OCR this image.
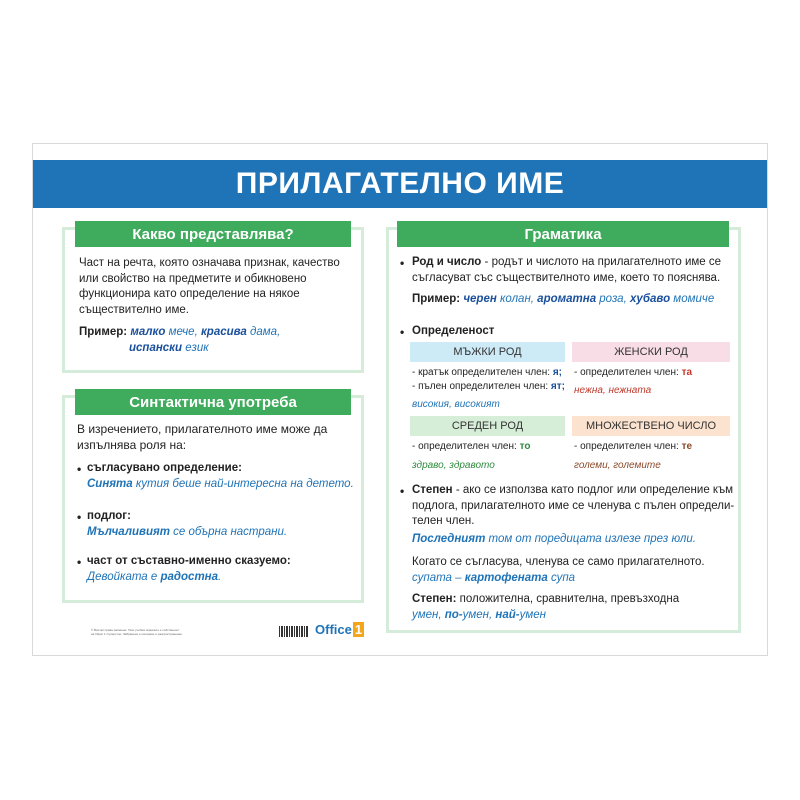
ПРИЛАГАТЕЛНО ИМЕ
Какво представлява?
Част на речта, която означава признак, качество
или свойство на предметите и обикновено
функционира като определение на някое
съществително име.
Пример: малко мече, красива дама,
испански език
Синтактична употреба
В изречението, прилагателното име може да
изпълнява роля на:
• съгласувано определение:
Синята кутия беше най-интересна на детето.
• подлог:
Мълчаливият се обърна настрани.
• част от съставно-именно сказуемо:
Девойката е радостна.
Граматика
• Род и число - родът и числото на прилагателното име се
съгласуват със съществителното име, което то пояснява.
Пример: черен колан, ароматна роза, хубаво момиче
• Определеност
МЪЖКИ РОД	ЖЕНСКИ РОД
- кратък определителен член: я;
- пълен определителен член: ят;
високия, високият
- определителен член: та
нежна, нежната
СРЕДЕН РОД	МНОЖЕСТВЕНО ЧИСЛО
- определителен член: то
здраво, здравото
- определителен член: те
големи, големите
• Степен - ако се използва като подлог или определение към
подлога, прилагателното име се членува с пълен определи-
телен член.
Последният том от поредицата излезе през юли.
Когато се съгласува, членува се само прилагателното.
супата – картофената супа
Степен: положителна, сравнителна, превъзходна
умен, по-умен, най-умен
© Всички права запазени. Тази учебна помагало е собственост
на Офис 1 Суперстор. Забранено е копиране и разпространение.	Office 1
